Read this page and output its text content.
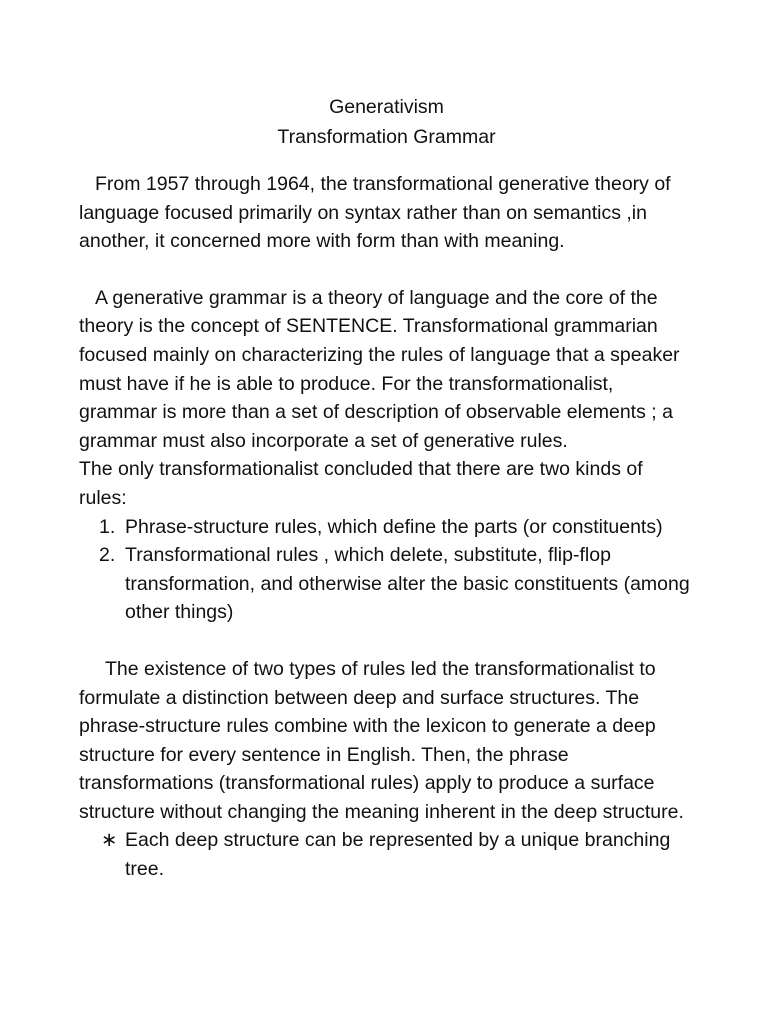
Generativism
Transformation Grammar

From 1957 through 1964, the transformational generative theory of language focused primarily on syntax rather than on semantics ,in another, it concerned more with form than with meaning.

A generative grammar is a theory of language and the core of the theory is the concept of SENTENCE. Transformational grammarian focused mainly on characterizing the rules of language that a speaker must have if he is able to produce. For the transformationalist, grammar is more than a set of description of observable elements ; a grammar must also incorporate a set of generative rules.

The only transformationalist concluded that there are two kinds of rules:

1. Phrase-structure rules, which define the parts (or constituents)
2. Transformational rules , which delete, substitute, flip-flop transformation, and otherwise alter the basic constituents (among other things)

The existence of two types of rules led the transformationalist to formulate a distinction between deep and surface structures. The phrase-structure rules combine with the lexicon to generate a deep structure for every sentence in English. Then, the phrase transformations (transformational rules) apply to produce a surface structure without changing the meaning inherent in the deep structure.

∗ Each deep structure can be represented by a unique branching tree.
